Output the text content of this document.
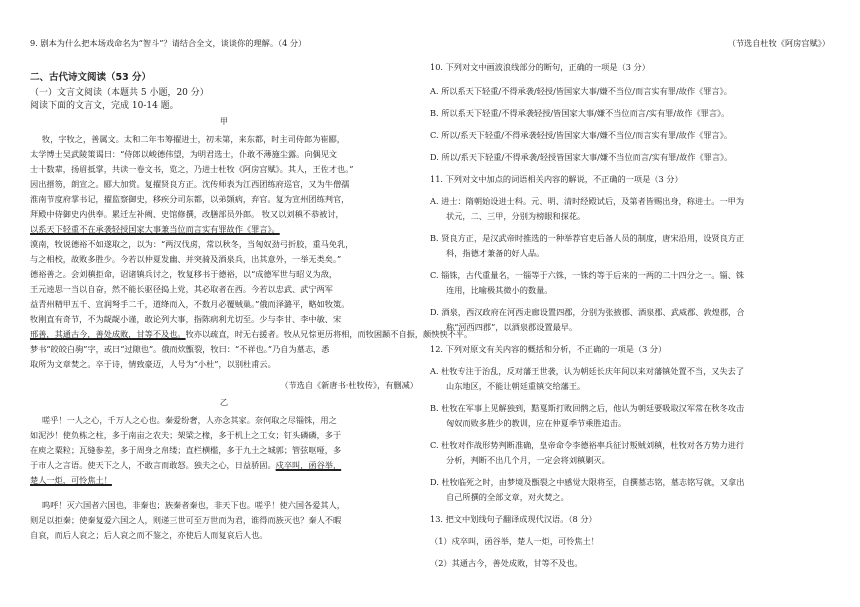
9. 剧本为什么把本场戏命名为“智斗”？请结合全文，谈谈你的理解。（4 分）
二、古代诗文阅读（53 分）
（一）文言文阅读（本题共 5 小题，20 分）
阅读下面的文言文，完成 10-14 题。
甲
牧，字牧之，善属文。太和二年韦筹擢进士，初未第，来东都，时主司侍郎为崔郾，
太学博士吴武陵策谒曰：“侍郎以峻德伟望，为明君选士，仆敢不薄施尘露。向偶见文
士十数辈，扬眉抵掌，共读一卷文书，览之，乃进士杜牧《阿房宫赋》。其人，王佐才也。”
因出搢笏，朗宣之。郾大加赏。复擢贤良方正。沈传师表为江西团练府巡官，又为牛僧孺
淮南节度府掌书记，擢监察御史，移疾分司东都，以弟顗病，弃官。复为宣州团练判官，
拜殿中侍御史内供奉。累迁左补阙、史馆修撰，改膳部员外郎。 牧又以刘稹不恭被讨，
以系天下轻重不在承袭轻授国家大事兼当位而言实有罪故作《罪言》。
漠南，牧说德裕不如遂取之，以为：“两汉伐虏，常以秋冬，当匈奴劲弓折胶，重马免乳，
与之相校，故败多胜少。今若以仲夏发幽、并突骑及酒泉兵，出其意外，一举无类矣。”
德裕善之。会刘稹拒命，诏诸镇兵讨之，牧复移书于德裕，以“成德军世与昭义为敌，
王元逵思一当以自奋，然不能长驱径捣上党，其必取者在西。今若以忠武、武宁两军
益青州精甲五千、宣润弩手二千，道绛而入，不数月必覆贼巢。”俄而泽潞平，略如牧策。
牧刚直有奇节，不为龊龊小谨，敢论列大事，指陈病利尤切至。少与李甘、李中敏、宋
邢善，其通古今，善处成败，甘等不及也。牧亦以疏直，时无右援者。牧从兄悰更历将相，而牧困踬不自振，颇怏怏不平。
梦书“皎皎白驹”字，或曰“过隙也”。俄而炊甑裂，牧曰：“不祥也。”乃自为墓志，悉
取所为文章焚之。卒于诗，情致豪迈，人号为“小杜”，以别杜甫云。
（节选自《新唐书·杜牧传》，有删减）
乙
嗟乎！一人之心，千万人之心也。秦爱纷奢，人亦念其家。奈何取之尽锱铢，用之
如泥沙！使负栋之柱，多于南亩之农夫；架梁之椽，多于机上之工女；钉头磷磷，多于
在庾之粟粒；瓦缝参差，多于周身之帛缕；直栏横槛，多于九土之城郭；管弦呕哑，多
于市人之言语。使天下之人，不敢言而敢怒。独夫之心，日益骄固。戍卒叫，函谷举，
楚人一炬，可怜焦土！
呜呼！灭六国者六国也，非秦也；族秦者秦也，非天下也。嗟乎！使六国各爱其人，
则足以拒秦；使秦复爱六国之人，则递三世可至万世而为君，谁得而族灭也？秦人不暇
自哀，而后人哀之；后人哀之而不鉴之，亦使后人而复哀后人也。
（节选自杜牧《阿房宫赋》）
10. 下列对文中画波浪线部分的断句，正确的一项是（3 分）
A. 所以系天下轻重/不得承袭/轻授/皆国家大事/嫌不当位/而言实有罪/故作《罪言》。
B. 所以系天下轻重/不得承袭轻授/皆国家大事/嫌不当位而言/实有罪/故作《罪言》。
C. 所以/系天下轻重/不得承袭轻授/皆国家大事/嫌不当位/而言实有罪/故作《罪言》。
D. 所以/系天下轻重/不得承袭/轻授皆国家大事/嫌不当位而言/实有罪/故作《罪言》。
11. 下列对文中加点的词语相关内容的解说，不正确的一项是（3 分）
A. 进士：隋朝始设进士科。元、明、清时经殿试后，及第者皆赐出身，称进士。一甲为
状元，二、三甲，分别为榜眼和探花。
B. 贤良方正，是汉武帝时推选的一种举荐官吏后备人员的制度，唐宋沿用，设贤良方正
科，指德才兼备的好人品。
C. 锱铢，古代重量名，一锱等于六铢，一铢约等于后来的一两的二十四分之一。锱、铢
连用，比喻极其微小的数量。
D. 酒泉，西汉政府在河西走廊设置四郡，分别为张掖郡、酒泉郡、武威郡、敦煌郡，合
称“河西四郡”，以酒泉郡设置最早。
12. 下列对原文有关内容的概括和分析，不正确的一项是（3 分）
A. 杜牧专注于治乱，反对藩王世袭，认为朝廷长庆年间以来对藩镇处置不当，又失去了
山东地区，不能让朝廷重镇交给藩王。
B. 杜牧在军事上见解独到，黠戛斯打败回鹘之后，他认为朝廷要吸取汉军常在秋冬攻击
匈奴而败多胜少的教训，应在仲夏季节乘胜追击。
C. 杜牧对作战形势判断准确，皇帝命令李德裕率兵征讨叛贼刘稹，杜牧对各方势力进行
分析，判断不出几个月，一定会将刘稹剿灭。
D. 杜牧临死之时，由梦境及甑裂之中感觉大限将至，自撰墓志铭，墓志铭写就，又拿出
自己所撰的全部文章，对火焚之。
13. 把文中划线句子翻译成现代汉语。（8 分）
（1）戍卒叫，函谷举，楚人一炬，可怜焦土！
（2）其通古今，善处成败，甘等不及也。
